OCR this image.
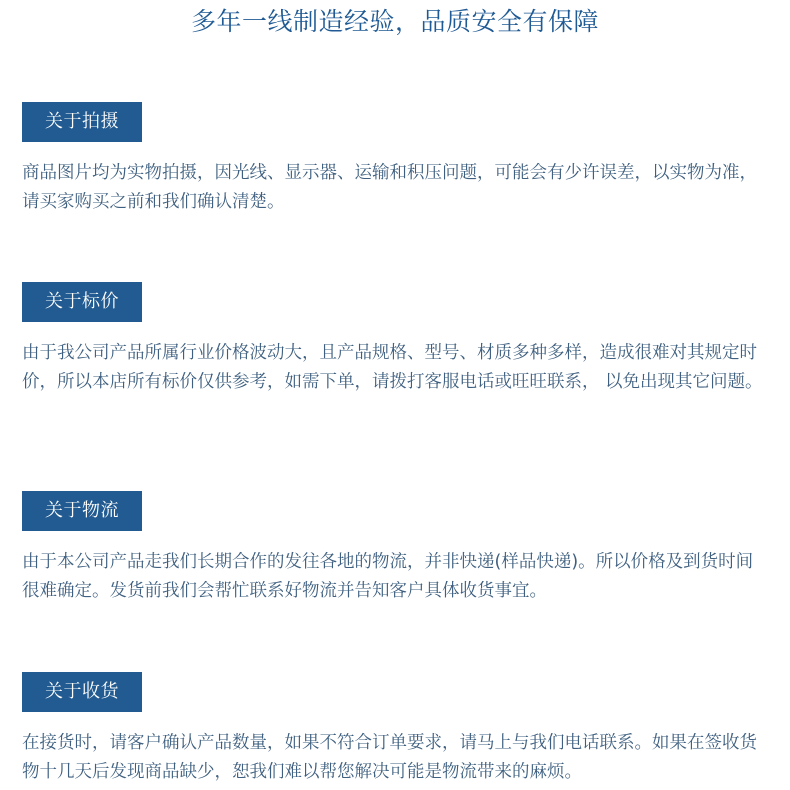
多年一线制造经验，品质安全有保障
关于拍摄

商品图片均为实物拍摄，因光线、显示器、运输和积压问题，可能会有少许误差，以实物为准，请买家购买之前和我们确认清楚。

关于标价

由于我公司产品所属行业价格波动大，且产品规格、型号、材质多种多样，造成很难对其规定时价，所以本店所有标价仅供参考，如需下单，请拨打客服电话或旺旺联系， 以免出现其它问题。

关于物流

由于本公司产品走我们长期合作的发往各地的物流，并非快递(样品快递)。所以价格及到货时间很难确定。发货前我们会帮忙联系好物流并告知客户具体收货事宜。

关于收货

在接货时，请客户确认产品数量，如果不符合订单要求，请马上与我们电话联系。如果在签收货物十几天后发现商品缺少，恕我们难以帮您解决可能是物流带来的麻烦。
